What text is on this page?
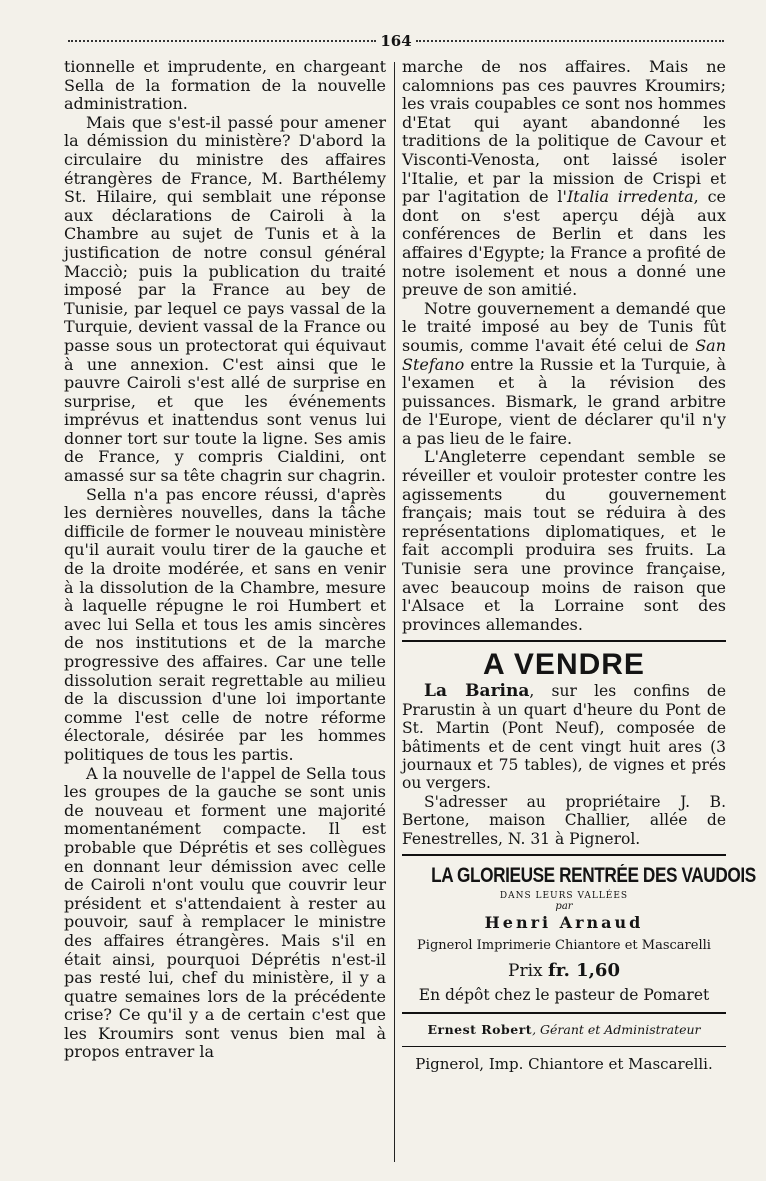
164

tionnelle et imprudente, en chargeant Sella de la formation de la nouvelle administration.

Mais que s'est-il passé pour amener la démission du ministère? D'abord la circulaire du ministre des affaires étrangères de France, M. Barthélemy St. Hilaire, qui semblait une réponse aux déclarations de Cairoli à la Chambre au sujet de Tunis et à la justification de notre consul général Macciò; puis la publication du traité imposé par la France au bey de Tunisie, par lequel ce pays vassal de la Turquie, devient vassal de la France ou passe sous un protectorat qui équivaut à une annexion. C'est ainsi que le pauvre Cairoli s'est allé de surprise en surprise, et que les événements imprévus et inattendus sont venus lui donner tort sur toute la ligne. Ses amis de France, y compris Cialdini, ont amassé sur sa tête chagrin sur chagrin.

Sella n'a pas encore réussi, d'après les dernières nouvelles, dans la tâche difficile de former le nouveau ministère qu'il aurait voulu tirer de la gauche et de la droite modérée, et sans en venir à la dissolution de la Chambre, mesure à laquelle répugne le roi Humbert et avec lui Sella et tous les amis sincères de nos institutions et de la marche progressive des affaires. Car une telle dissolution serait regrettable au milieu de la discussion d'une loi importante comme l'est celle de notre réforme électorale, désirée par les hommes politiques de tous les partis.

A la nouvelle de l'appel de Sella tous les groupes de la gauche se sont unis de nouveau et forment une majorité momentanément compacte. Il est probable que Déprétis et ses collègues en donnant leur démission avec celle de Cairoli n'ont voulu que couvrir leur président et s'attendaient à rester au pouvoir, sauf à remplacer le ministre des affaires étrangères. Mais s'il en était ainsi, pourquoi Déprétis n'est-il pas resté lui, chef du ministère, il y a quatre semaines lors de la précédente crise? Ce qu'il y a de certain c'est que les Kroumirs sont venus bien mal à propos entraver la

marche de nos affaires. Mais ne calomnions pas ces pauvres Kroumirs; les vrais coupables ce sont nos hommes d'Etat qui ayant abandonné les traditions de la politique de Cavour et Visconti-Venosta, ont laissé isoler l'Italie, et par la mission de Crispi et par l'agitation de l'Italia irredenta, ce dont on s'est aperçu déjà aux conférences de Berlin et dans les affaires d'Egypte; la France a profité de notre isolement et nous a donné une preuve de son amitié.

Notre gouvernement a demandé que le traité imposé au bey de Tunis fût soumis, comme l'avait été celui de San Stefano entre la Russie et la Turquie, à l'examen et à la révision des puissances. Bismark, le grand arbitre de l'Europe, vient de déclarer qu'il n'y a pas lieu de le faire.

L'Angleterre cependant semble se réveiller et vouloir protester contre les agissements du gouvernement français; mais tout se réduira à des représentations diplomatiques, et le fait accompli produira ses fruits. La Tunisie sera une province française, avec beaucoup moins de raison que l'Alsace et la Lorraine sont des provinces allemandes.

A VENDRE

La Barina, sur les confins de Prarustin à un quart d'heure du Pont de St. Martin (Pont Neuf), composée de bâtiments et de cent vingt huit ares (3 journaux et 75 tables), de vignes et prés ou vergers.

S'adresser au propriétaire J. B. Bertone, maison Challier, allée de Fenestrelles, N. 31 à Pignerol.

LA GLORIEUSE RENTRÉE DES VAUDOIS
DANS LEURS VALLÉES
par
Henri Arnaud
Pignerol Imprimerie Chiantore et Mascarelli
Prix fr. 1,60
En dépôt chez le pasteur de Pomaret
Ernest Robert, Gérant et Administrateur
Pignerol, Imp. Chiantore et Mascarelli.
